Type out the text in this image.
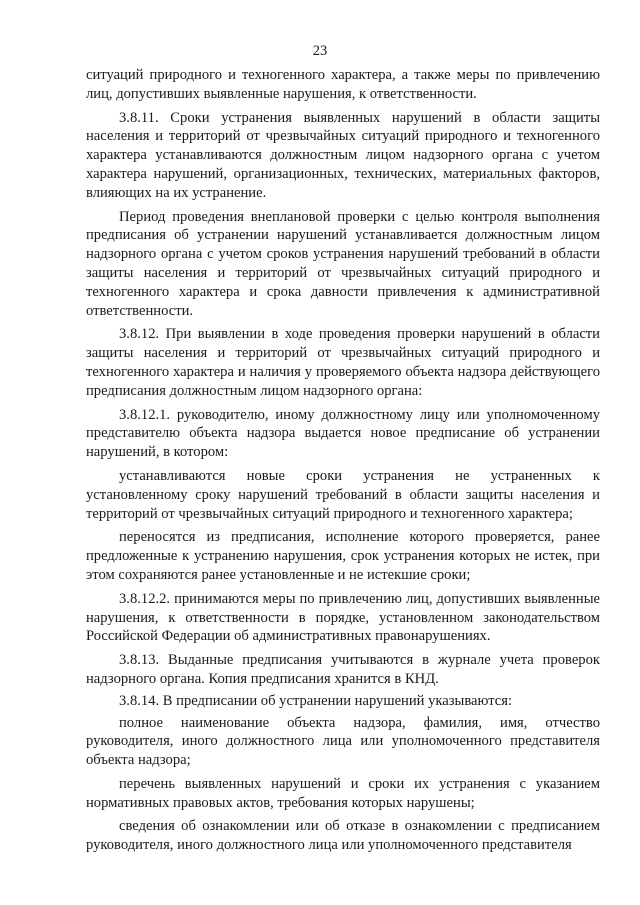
23

ситуаций природного и техногенного характера, а также меры по привлечению лиц, допустивших выявленные нарушения, к ответственности.

3.8.11. Сроки устранения выявленных нарушений в области защиты населения и территорий от чрезвычайных ситуаций природного и техногенного характера устанавливаются должностным лицом надзорного органа с учетом характера нарушений, организационных, технических, материальных факторов, влияющих на их устранение.

Период проведения внеплановой проверки с целью контроля выполнения предписания об устранении нарушений устанавливается должностным лицом надзорного органа с учетом сроков устранения нарушений требований в области защиты населения и территорий от чрезвычайных ситуаций природного и техногенного характера и срока давности привлечения к административной ответственности.

3.8.12. При выявлении в ходе проведения проверки нарушений в области защиты населения и территорий от чрезвычайных ситуаций природного и техногенного характера и наличия у проверяемого объекта надзора действующего предписания должностным лицом надзорного органа:

3.8.12.1. руководителю, иному должностному лицу или уполномоченному представителю объекта надзора выдается новое предписание об устранении нарушений, в котором:

устанавливаются новые сроки устранения не устраненных к установленному сроку нарушений требований в области защиты населения и территорий от чрезвычайных ситуаций природного и техногенного характера;

переносятся из предписания, исполнение которого проверяется, ранее предложенные к устранению нарушения, срок устранения которых не истек, при этом сохраняются ранее установленные и не истекшие сроки;

3.8.12.2. принимаются меры по привлечению лиц, допустивших выявленные нарушения, к ответственности в порядке, установленном законодательством Российской Федерации об административных правонарушениях.

3.8.13. Выданные предписания учитываются в журнале учета проверок надзорного органа. Копия предписания хранится в КНД.

3.8.14. В предписании об устранении нарушений указываются:

полное наименование объекта надзора, фамилия, имя, отчество руководителя, иного должностного лица или уполномоченного представителя объекта надзора;

перечень выявленных нарушений и сроки их устранения с указанием нормативных правовых актов, требования которых нарушены;

сведения об ознакомлении или об отказе в ознакомлении с предписанием руководителя, иного должностного лица или уполномоченного представителя
